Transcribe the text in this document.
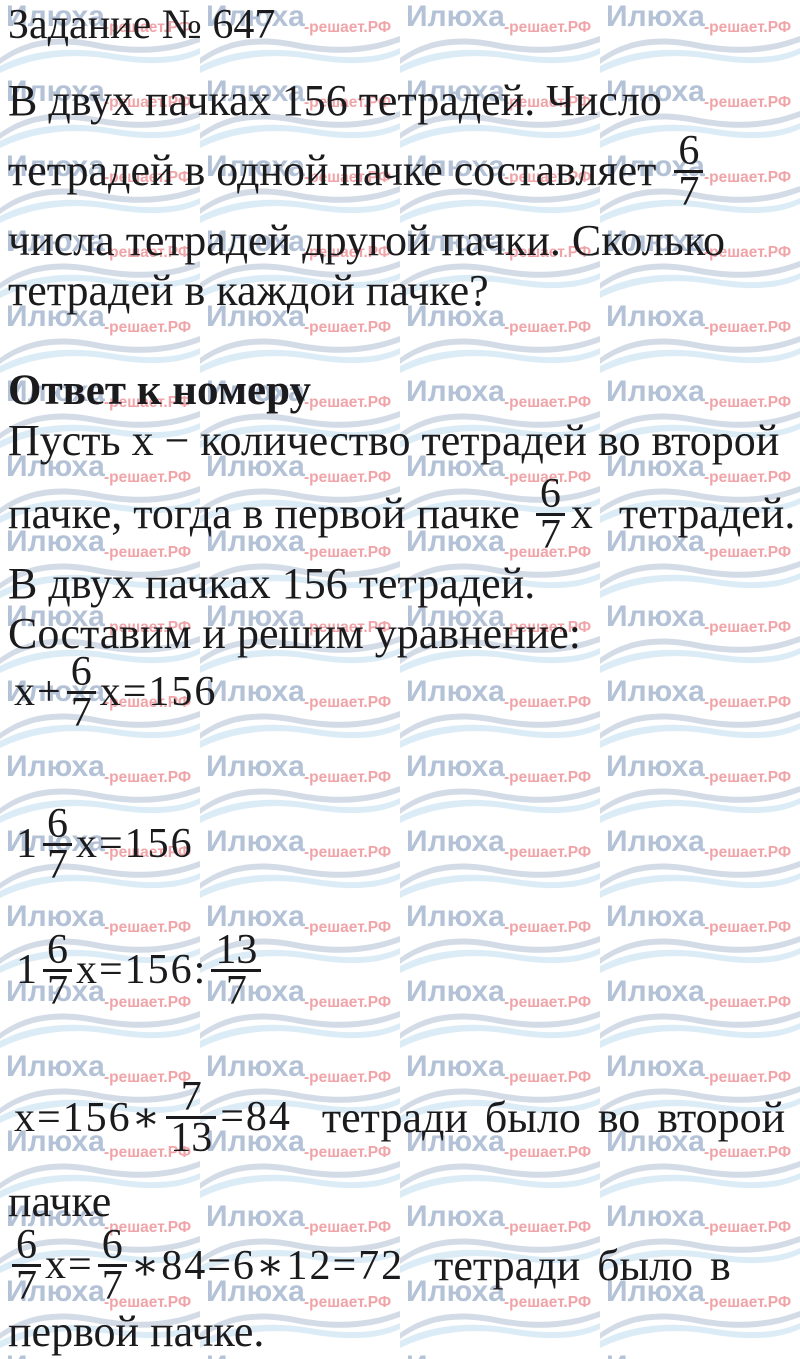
Задание № 647
В двух пачках 156 тетрадей. Число
тетрадей в одной пачке составляет $\frac{6}{7}$
числа тетрадей другой пачки. Сколько
тетрадей в каждой пачке?
Ответ к номеру
Пусть x − количество тетрадей во второй
пачке, тогда в первой пачке $\frac{6}{7}$ x тетрадей.
В двух пачках 156 тетрадей.
Составим и решим уравнение:
$x+ \frac{6}{7} x=156$
$1 \frac{6}{7} x=156$
$1 \frac{6}{7} x=156$: $\frac{13}{7}$
x=156∗ $\frac{7}{13} =84$ тетради было во второй
пачке
$\frac{6}{7} x= \frac{6}{7}$ ∗84=6∗12=72 тетради было в
первой пачке.
